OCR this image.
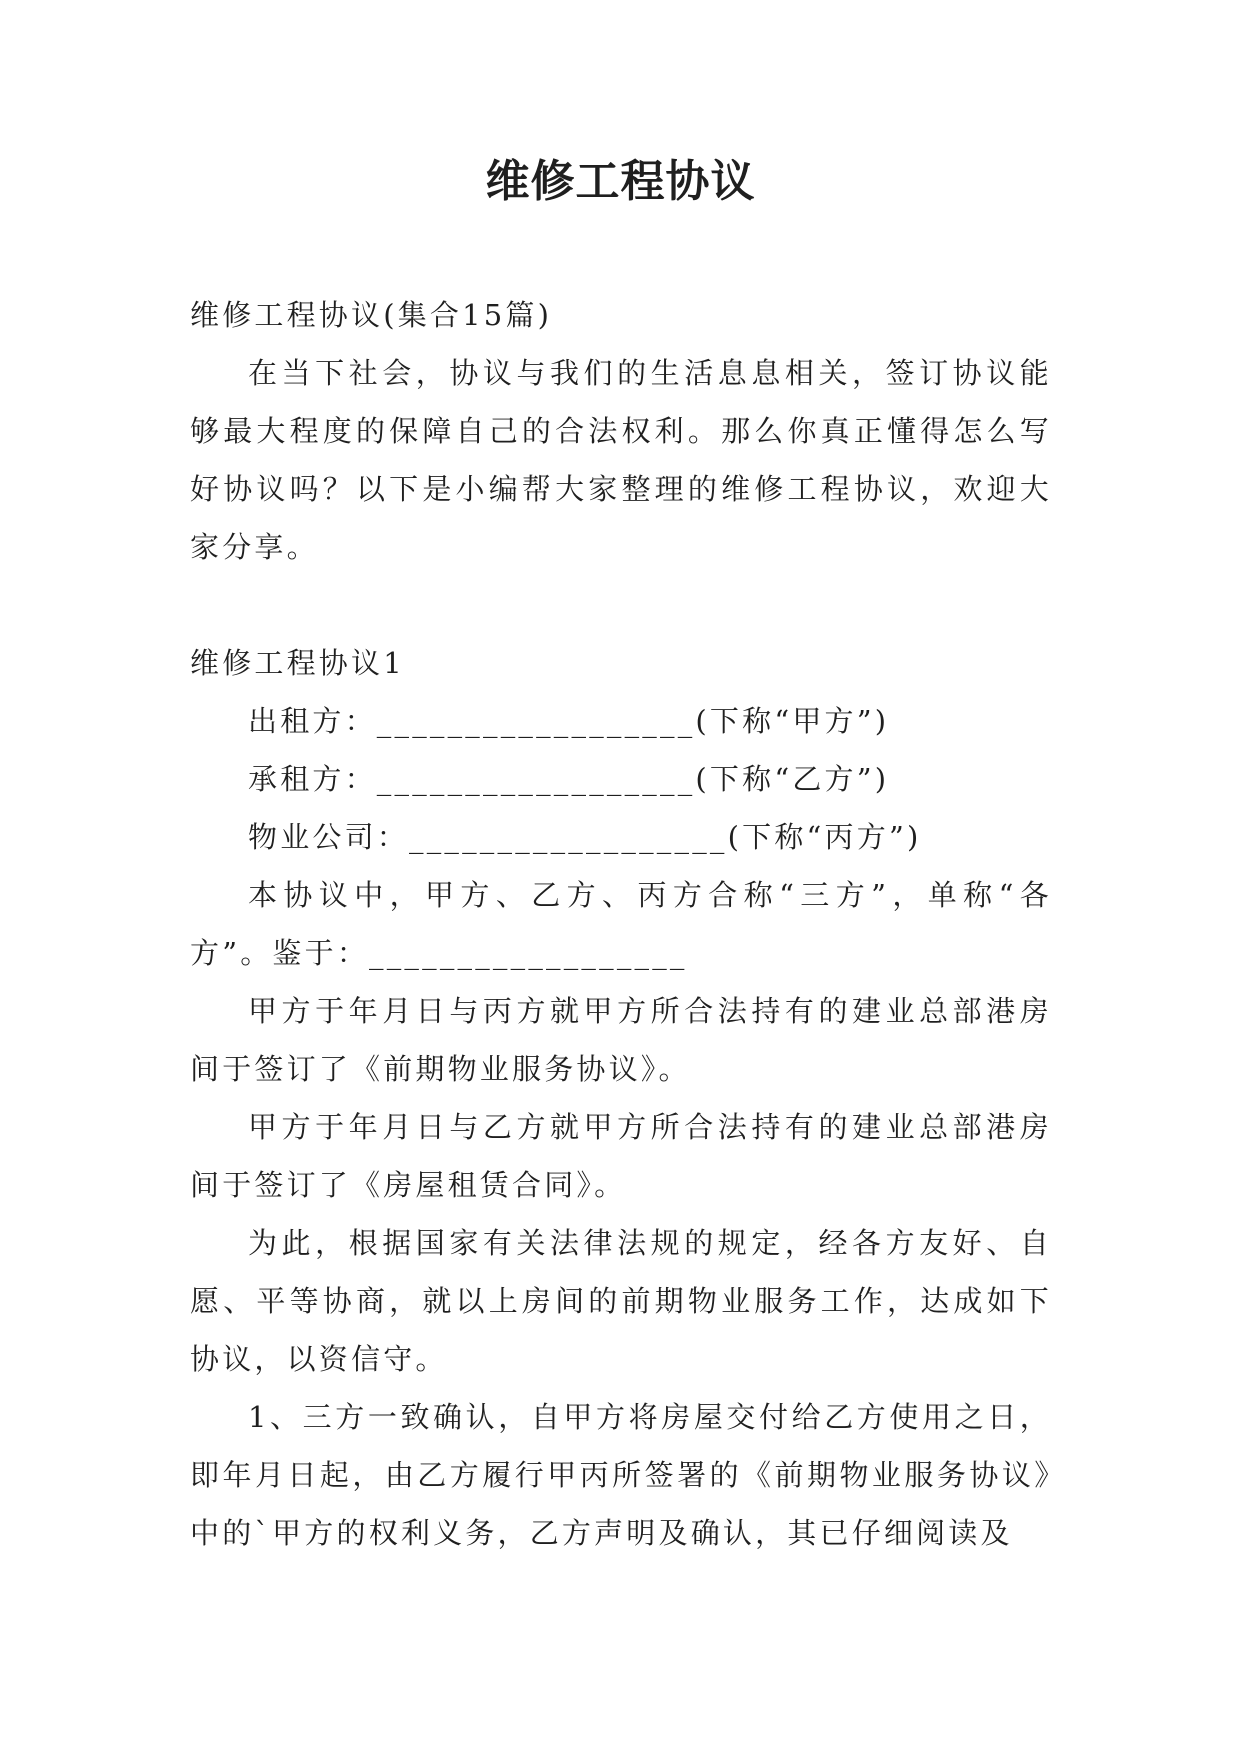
维修工程协议

维修工程协议(集合15篇)

在当下社会，协议与我们的生活息息相关，签订协议能够最大程度的保障自己的合法权利。那么你真正懂得怎么写好协议吗？以下是小编帮大家整理的维修工程协议，欢迎大家分享。

维修工程协议1

出租方：__________________(下称“甲方”)

承租方：__________________(下称“乙方”)

物业公司：__________________(下称“丙方”)

本协议中，甲方、乙方、丙方合称“三方”，单称“各方”。鉴于：__________________

甲方于年月日与丙方就甲方所合法持有的建业总部港房间于签订了《前期物业服务协议》。

甲方于年月日与乙方就甲方所合法持有的建业总部港房间于签订了《房屋租赁合同》。

为此，根据国家有关法律法规的规定，经各方友好、自愿、平等协商，就以上房间的前期物业服务工作，达成如下协议，以资信守。

1、三方一致确认，自甲方将房屋交付给乙方使用之日，即年月日起，由乙方履行甲丙所签署的《前期物业服务协议》中的`甲方的权利义务，乙方声明及确认，其已仔细阅读及
